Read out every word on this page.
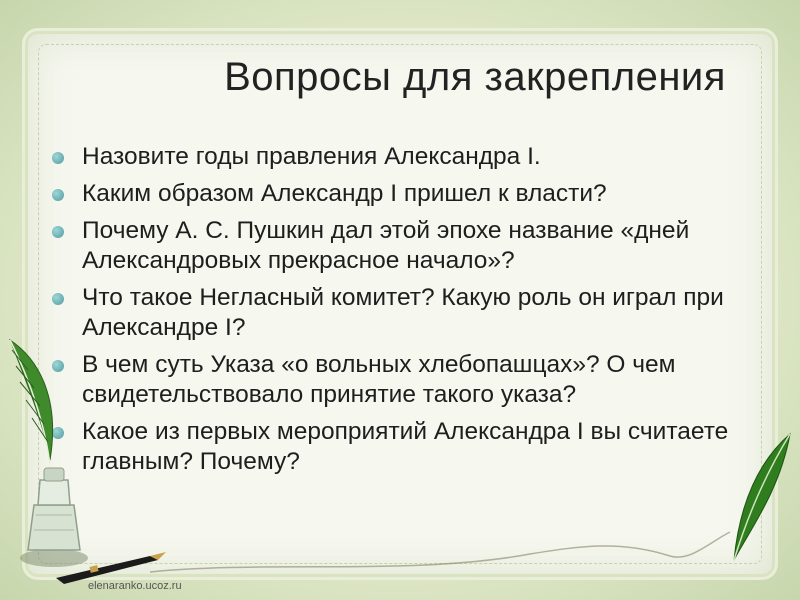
Вопросы для закрепления
Назовите годы правления Александра I.
Каким образом Александр I пришел к власти?
Почему А. С. Пушкин дал этой эпохе название «дней Александровых прекрасное начало»?
Что такое Негласный комитет? Какую роль он играл при Александре I?
В чем суть Указа «о вольных хлебопашцах»? О чем свидетельствовало принятие такого указа?
Какое из первых мероприятий Александра I вы считаете главным? Почему?
elenaranko.ucoz.ru
